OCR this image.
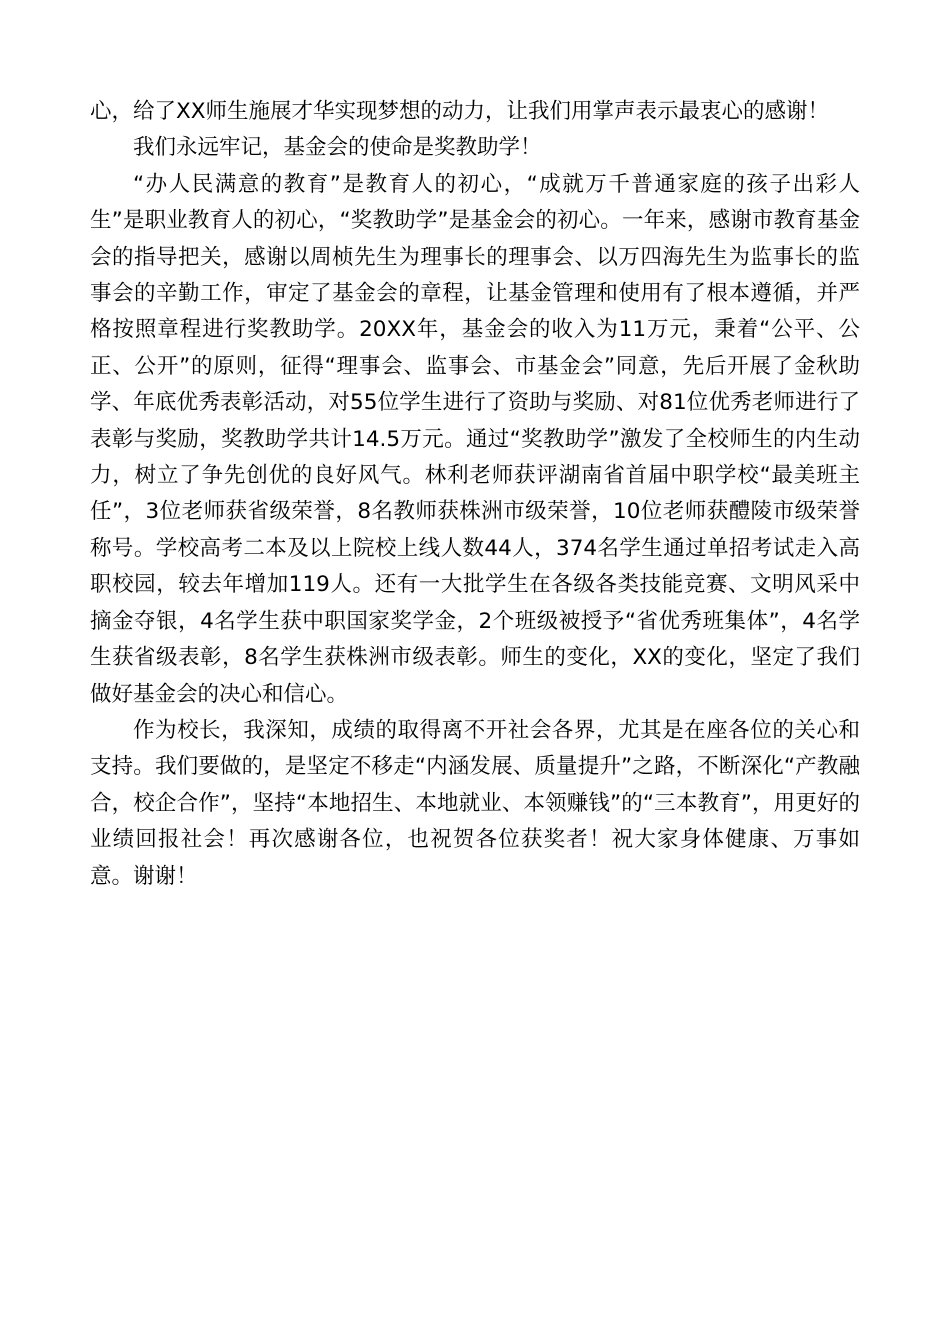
心，给了XX师生施展才华实现梦想的动力，让我们用掌声表示最衷心的感谢！

我们永远牢记，基金会的使命是奖教助学！

“办人民满意的教育”是教育人的初心，“成就万千普通家庭的孩子出彩人生”是职业教育人的初心，“奖教助学”是基金会的初心。一年来，感谢市教育基金会的指导把关，感谢以周桢先生为理事长的理事会、以万四海先生为监事长的监事会的辛勤工作，审定了基金会的章程，让基金管理和使用有了根本遵循，并严格按照章程进行奖教助学。20XX年，基金会的收入为11万元，秉着“公平、公正、公开”的原则，征得“理事会、监事会、市基金会”同意，先后开展了金秋助学、年底优秀表彰活动，对55位学生进行了资助与奖励、对81位优秀老师进行了表彰与奖励，奖教助学共计14.5万元。通过“奖教助学”激发了全校师生的内生动力，树立了争先创优的良好风气。林利老师获评湖南省首届中职学校“最美班主任”，3位老师获省级荣誉，8名教师获株洲市级荣誉，10位老师获醴陵市级荣誉称号。学校高考二本及以上院校上线人数44人，374名学生通过单招考试走入高职校园，较去年增加119人。还有一大批学生在各级各类技能竞赛、文明风采中摘金夺银，4名学生获中职国家奖学金，2个班级被授予“省优秀班集体”，4名学生获省级表彰，8名学生获株洲市级表彰。师生的变化，XX的变化，坚定了我们做好基金会的决心和信心。

作为校长，我深知，成绩的取得离不开社会各界，尤其是在座各位的关心和支持。我们要做的，是坚定不移走“内涵发展、质量提升”之路，不断深化“产教融合，校企合作”，坚持“本地招生、本地就业、本领赚钱”的“三本教育”，用更好的业绩回报社会！再次感谢各位，也祝贺各位获奖者！祝大家身体健康、万事如意。谢谢！
